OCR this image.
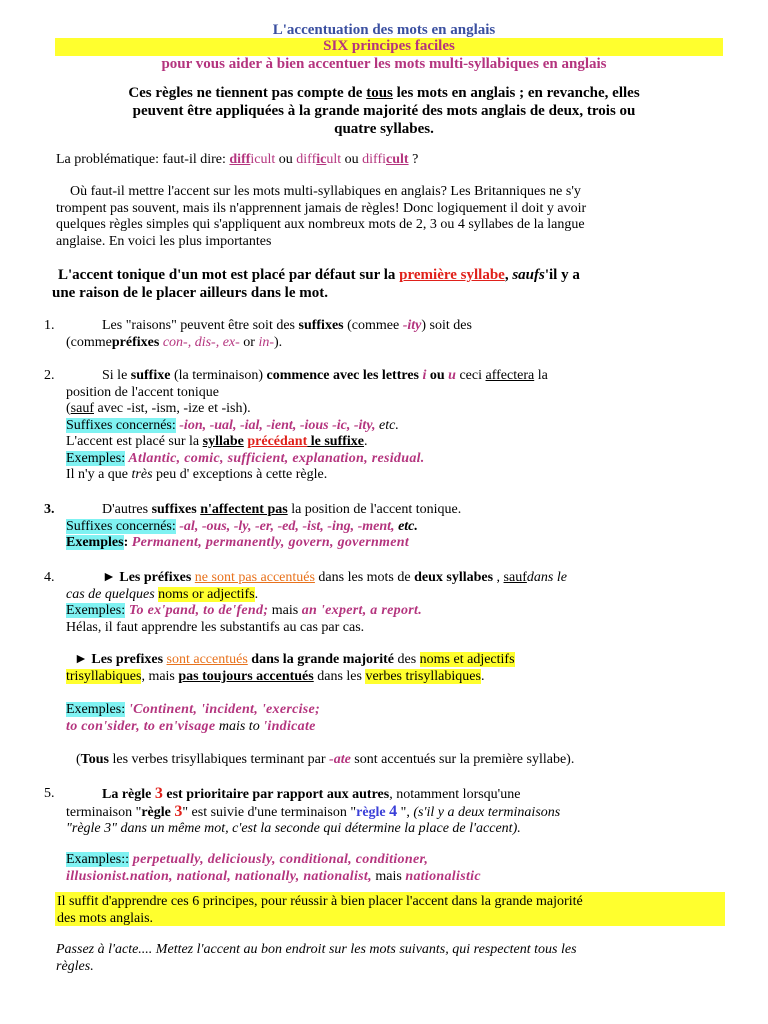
L'accentuation des mots en anglais
SIX principes faciles
pour vous aider à bien accentuer les mots multi-syllabiques en anglais
Ces règles ne tiennent pas compte de tous les mots en anglais ; en revanche, elles
peuvent être appliquées à la grande majorité des mots anglais de deux, trois ou
quatre syllabes.
La problématique: faut-il dire: difficult ou difficult ou difficult ?
Où faut-il mettre l'accent sur les mots multi-syllabiques en anglais? Les Britanniques ne s'y
trompent pas souvent, mais ils n'apprennent jamais de règles! Donc logiquement il doit y avoir
quelques règles simples qui s'appliquent aux nombreux mots de 2, 3 ou 4 syllabes de la langue
anglaise. En voici les plus importantes
L'accent tonique d'un mot est placé par défaut sur la première syllabe, saufs'il y a
une raison de le placer ailleurs dans le mot.
1.	Les "raisons" peuvent être soit des suffixes (commee -ity) soit des
(commepréfixes con-, dis-, ex- or in-).
2.	Si le suffixe (la terminaison) commence avec les lettres i ou u ceci affectera la
position de l'accent tonique
(sauf avec -ist, -ism, -ize et -ish).
Suffixes concernés: -ion, -ual, -ial, -ient, -ious -ic, -ity, etc.
L'accent est placé sur la syllabe précédant le suffixe.
Exemples: Atlantic, comic, sufficient, explanation, residual.
Il n'y a que très peu d' exceptions à cette règle.
3.	D'autres suffixes n'affectent pas la position de l'accent tonique.
Suffixes concernés: -al, -ous, -ly, -er, -ed, -ist, -ing, -ment, etc.
Exemples: Permanent, permanently, govern, government
4.	► Les préfixes ne sont pas accentués dans les mots de deux syllabes , saufdans le
cas de quelques noms or adjectifs.
Exemples: To ex'pand, to de'fend; mais an 'expert, a report.
Hélas, il faut apprendre les substantifs au cas par cas.
► Les prefixes sont accentués dans la grande majorité des noms et adjectifs
trisyllabiques, mais pas toujours accentués dans les verbes trisyllabiques.
Exemples: 'Continent, 'incident, 'exercise;
to con'sider, to en'visage mais to 'indicate
(Tous les verbes trisyllabiques terminant par -ate sont accentués sur la première syllabe).
5.	La règle 3 est prioritaire par rapport aux autres, notamment lorsqu'une
terminaison "règle 3" est suivie d'une terminaison "règle 4 ", (s'il y a deux terminaisons
"règle 3" dans un même mot, c'est la seconde qui détermine la place de l'accent).
Examples:: perpetually, deliciously, conditional, conditioner,
illusionist.nation, national, nationally, nationalist, mais nationalistic
Il suffit d'apprendre ces 6 principes, pour réussir à bien placer l'accent dans la grande majorité
des mots anglais.
Passez à l'acte.... Mettez l'accent au bon endroit sur les mots suivants, qui respectent tous les
règles.
